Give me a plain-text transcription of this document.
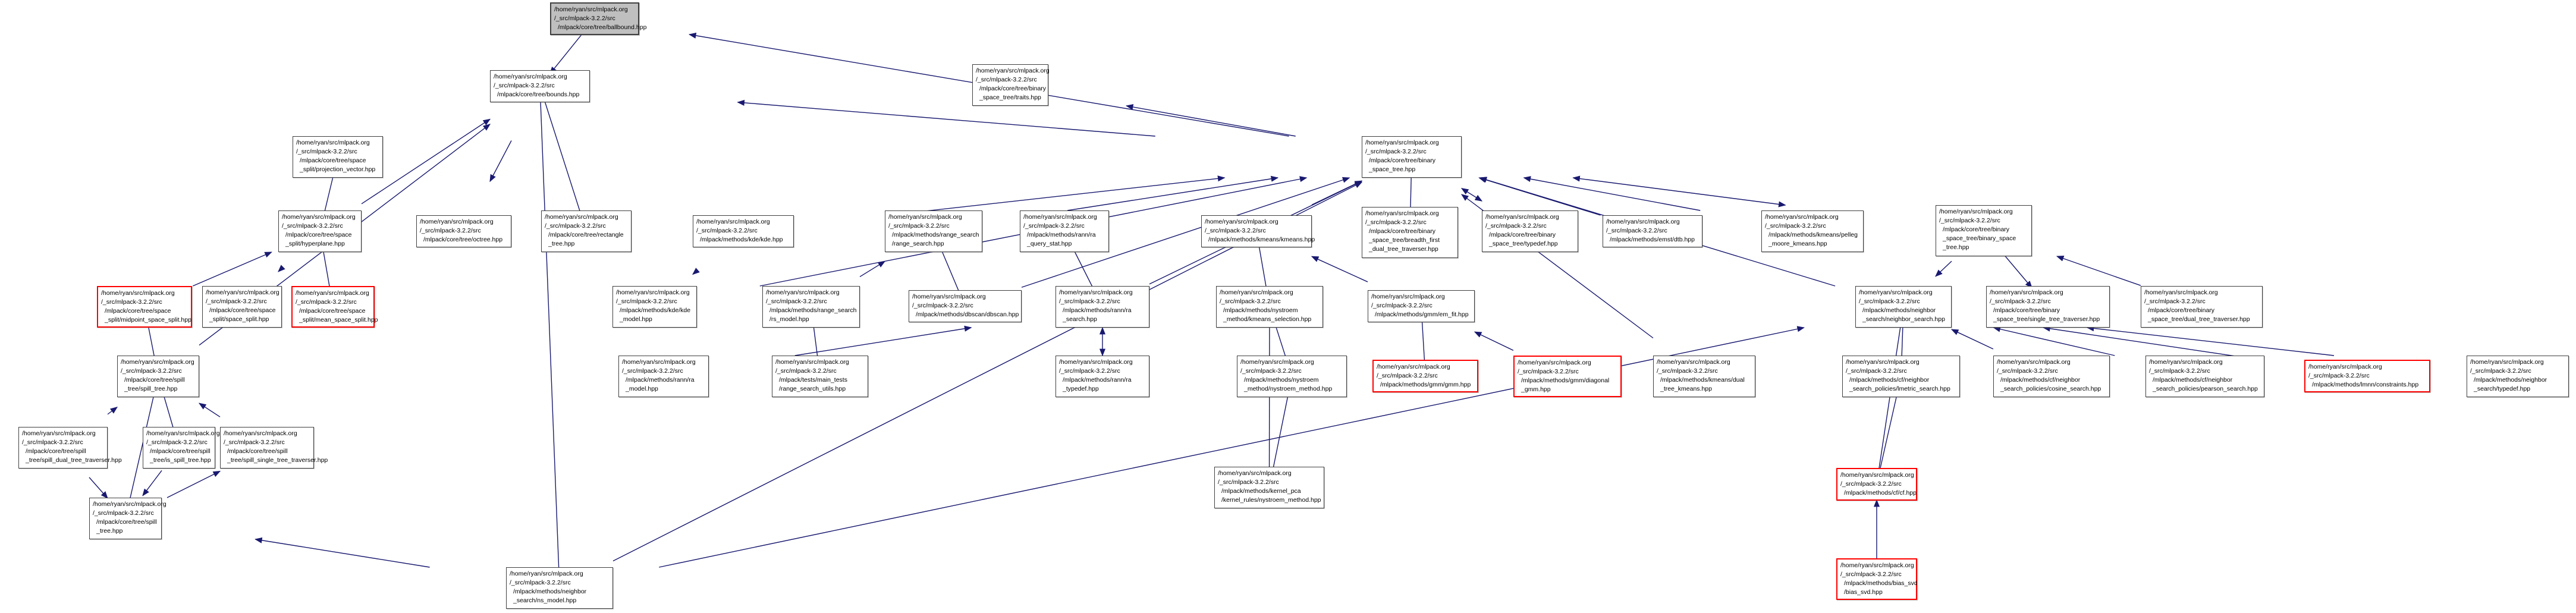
/home/ryan/src/mlpack.org
/_src/mlpack-3.2.2/src
/mlpack/core/tree/ballbound.hpp
/home/ryan/src/mlpack.org
/_src/mlpack-3.2.2/src
/mlpack/core/tree/bounds.hpp
/home/ryan/src/mlpack.org
/_src/mlpack-3.2.2/src
/mlpack/core/tree/binary
_space_tree/traits.hpp
/home/ryan/src/mlpack.org
/_src/mlpack-3.2.2/src
/mlpack/core/tree/space
_split/projection_vector.hpp
/home/ryan/src/mlpack.org
/_src/mlpack-3.2.2/src
/mlpack/core/tree/binary
_space_tree.hpp
/home/ryan/src/mlpack.org
/_src/mlpack-3.2.2/src
/mlpack/core/tree/space
_split/hyperplane.hpp
/home/ryan/src/mlpack.org
/_src/mlpack-3.2.2/src
/mlpack/core/tree/octree.hpp
/home/ryan/src/mlpack.org
/_src/mlpack-3.2.2/src
/mlpack/core/tree/rectangle
_tree.hpp
/home/ryan/src/mlpack.org
/_src/mlpack-3.2.2/src
/mlpack/methods/kde/kde.hpp
/home/ryan/src/mlpack.org
/_src/mlpack-3.2.2/src
/mlpack/methods/range_search
/range_search.hpp
/home/ryan/src/mlpack.org
/_src/mlpack-3.2.2/src
/mlpack/methods/rann/ra
_query_stat.hpp
/home/ryan/src/mlpack.org
/_src/mlpack-3.2.2/src
/mlpack/methods/kmeans/kmeans.hpp
/home/ryan/src/mlpack.org
/_src/mlpack-3.2.2/src
/mlpack/core/tree/binary
_space_tree/breadth_first
_dual_tree_traverser.hpp
/home/ryan/src/mlpack.org
/_src/mlpack-3.2.2/src
/mlpack/core/tree/binary
_space_tree/typedef.hpp
/home/ryan/src/mlpack.org
/_src/mlpack-3.2.2/src
/mlpack/methods/emst/dtb.hpp
/home/ryan/src/mlpack.org
/_src/mlpack-3.2.2/src
/mlpack/methods/kmeans/pelleg
_moore_kmeans.hpp
/home/ryan/src/mlpack.org
/_src/mlpack-3.2.2/src
/mlpack/core/tree/binary
_space_tree/binary_space
_tree.hpp
/home/ryan/src/mlpack.org
/_src/mlpack-3.2.2/src
/mlpack/core/tree/space
_split/midpoint_space_split.hpp
/home/ryan/src/mlpack.org
/_src/mlpack-3.2.2/src
/mlpack/core/tree/space
_split/space_split.hpp
/home/ryan/src/mlpack.org
/_src/mlpack-3.2.2/src
/mlpack/core/tree/space
_split/mean_space_split.hpp
/home/ryan/src/mlpack.org
/_src/mlpack-3.2.2/src
/mlpack/methods/kde/kde
_model.hpp
/home/ryan/src/mlpack.org
/_src/mlpack-3.2.2/src
/mlpack/methods/range_search
/rs_model.hpp
/home/ryan/src/mlpack.org
/_src/mlpack-3.2.2/src
/mlpack/methods/dbscan/dbscan.hpp
/home/ryan/src/mlpack.org
/_src/mlpack-3.2.2/src
/mlpack/methods/rann/ra
_search.hpp
/home/ryan/src/mlpack.org
/_src/mlpack-3.2.2/src
/mlpack/methods/nystroem
_method/kmeans_selection.hpp
/home/ryan/src/mlpack.org
/_src/mlpack-3.2.2/src
/mlpack/methods/gmm/em_fit.hpp
/home/ryan/src/mlpack.org
/_src/mlpack-3.2.2/src
/mlpack/methods/neighbor
_search/neighbor_search.hpp
/home/ryan/src/mlpack.org
/_src/mlpack-3.2.2/src
/mlpack/core/tree/binary
_space_tree/single_tree_traverser.hpp
/home/ryan/src/mlpack.org
/_src/mlpack-3.2.2/src
/mlpack/core/tree/binary
_space_tree/dual_tree_traverser.hpp
/home/ryan/src/mlpack.org
/_src/mlpack-3.2.2/src
/mlpack/core/tree/spill
_tree/spill_tree.hpp
/home/ryan/src/mlpack.org
/_src/mlpack-3.2.2/src
/mlpack/methods/rann/ra
_model.hpp
/home/ryan/src/mlpack.org
/_src/mlpack-3.2.2/src
/mlpack/tests/main_tests
/range_search_utils.hpp
/home/ryan/src/mlpack.org
/_src/mlpack-3.2.2/src
/mlpack/methods/rann/ra
_typedef.hpp
/home/ryan/src/mlpack.org
/_src/mlpack-3.2.2/src
/mlpack/methods/nystroem
_method/nystroem_method.hpp
/home/ryan/src/mlpack.org
/_src/mlpack-3.2.2/src
/mlpack/methods/gmm/gmm.hpp
/home/ryan/src/mlpack.org
/_src/mlpack-3.2.2/src
/mlpack/methods/gmm/diagonal
_gmm.hpp
/home/ryan/src/mlpack.org
/_src/mlpack-3.2.2/src
/mlpack/methods/kmeans/dual
_tree_kmeans.hpp
/home/ryan/src/mlpack.org
/_src/mlpack-3.2.2/src
/mlpack/methods/cf/neighbor
_search_policies/lmetric_search.hpp
/home/ryan/src/mlpack.org
/_src/mlpack-3.2.2/src
/mlpack/methods/cf/neighbor
_search_policies/cosine_search.hpp
/home/ryan/src/mlpack.org
/_src/mlpack-3.2.2/src
/mlpack/methods/cf/neighbor
_search_policies/pearson_search.hpp
/home/ryan/src/mlpack.org
/_src/mlpack-3.2.2/src
/mlpack/methods/lmnn/constraints.hpp
/home/ryan/src/mlpack.org
/_src/mlpack-3.2.2/src
/mlpack/methods/neighbor
_search/typedef.hpp
/home/ryan/src/mlpack.org
/_src/mlpack-3.2.2/src
/mlpack/core/tree/spill
_tree/spill_dual_tree_traverser.hpp
/home/ryan/src/mlpack.org
/_src/mlpack-3.2.2/src
/mlpack/core/tree/spill
_tree/is_spill_tree.hpp
/home/ryan/src/mlpack.org
/_src/mlpack-3.2.2/src
/mlpack/core/tree/spill
_tree/spill_single_tree_traverser.hpp
/home/ryan/src/mlpack.org
/_src/mlpack-3.2.2/src
/mlpack/methods/kernel_pca
/kernel_rules/nystroem_method.hpp
/home/ryan/src/mlpack.org
/_src/mlpack-3.2.2/src
/mlpack/methods/cf/cf.hpp
/home/ryan/src/mlpack.org
/_src/mlpack-3.2.2/src
/mlpack/core/tree/spill
_tree.hpp
/home/ryan/src/mlpack.org
/_src/mlpack-3.2.2/src
/mlpack/methods/bias_svd
/bias_svd.hpp
/home/ryan/src/mlpack.org
/_src/mlpack-3.2.2/src
/mlpack/methods/neighbor
_search/ns_model.hpp
